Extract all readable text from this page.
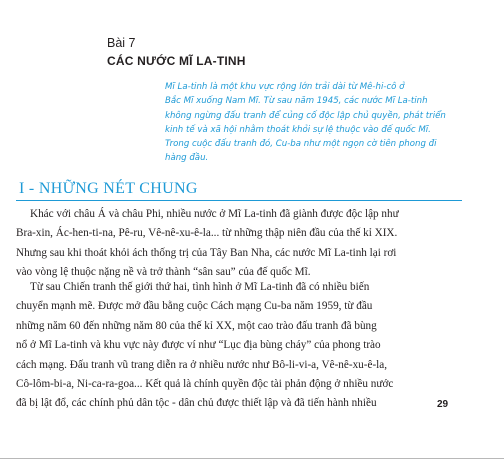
Bài 7
CÁC NƯỚC MĨ LA-TINH
Mĩ La-tinh là một khu vực rộng lớn trải dài từ Mê-hi-cô ở
Bắc Mĩ xuống Nam Mĩ. Từ sau năm 1945, các nước Mĩ La-tinh
không ngừng đấu tranh để củng cố độc lập chủ quyền, phát triển
kinh tế và xã hội nhằm thoát khỏi sự lệ thuộc vào đế quốc Mĩ.
Trong cuộc đấu tranh đó, Cu-ba như một ngọn cờ tiên phong đi
hàng đầu.
I - NHỮNG NÉT CHUNG
Khác với châu Á và châu Phi, nhiều nước ở Mĩ La-tinh đã giành được độc lập như
Bra-xin, Ác-hen-ti-na, Pê-ru, Vê-nê-xu-ê-la... từ những thập niên đầu của thế kỉ XIX.
Nhưng sau khi thoát khỏi ách thống trị của Tây Ban Nha, các nước Mĩ La-tinh lại rơi
vào vòng lệ thuộc nặng nề và trở thành “sân sau” của đế quốc Mĩ.
Từ sau Chiến tranh thế giới thứ hai, tình hình ở Mĩ La-tinh đã có nhiều biến
chuyển mạnh mẽ. Được mở đầu bằng cuộc Cách mạng Cu-ba năm 1959, từ đầu
những năm 60 đến những năm 80 của thế kỉ XX, một cao trào đấu tranh đã bùng
nổ ở Mĩ La-tinh và khu vực này được ví như “Lục địa bùng cháy” của phong trào
cách mạng. Đấu tranh vũ trang diễn ra ở nhiều nước như Bô-li-vi-a, Vê-nê-xu-ê-la,
Cô-lôm-bi-a, Ni-ca-ra-goa... Kết quả là chính quyền độc tài phản động ở nhiều nước
đã bị lật đổ, các chính phủ dân tộc - dân chủ được thiết lập và đã tiến hành nhiều	29
